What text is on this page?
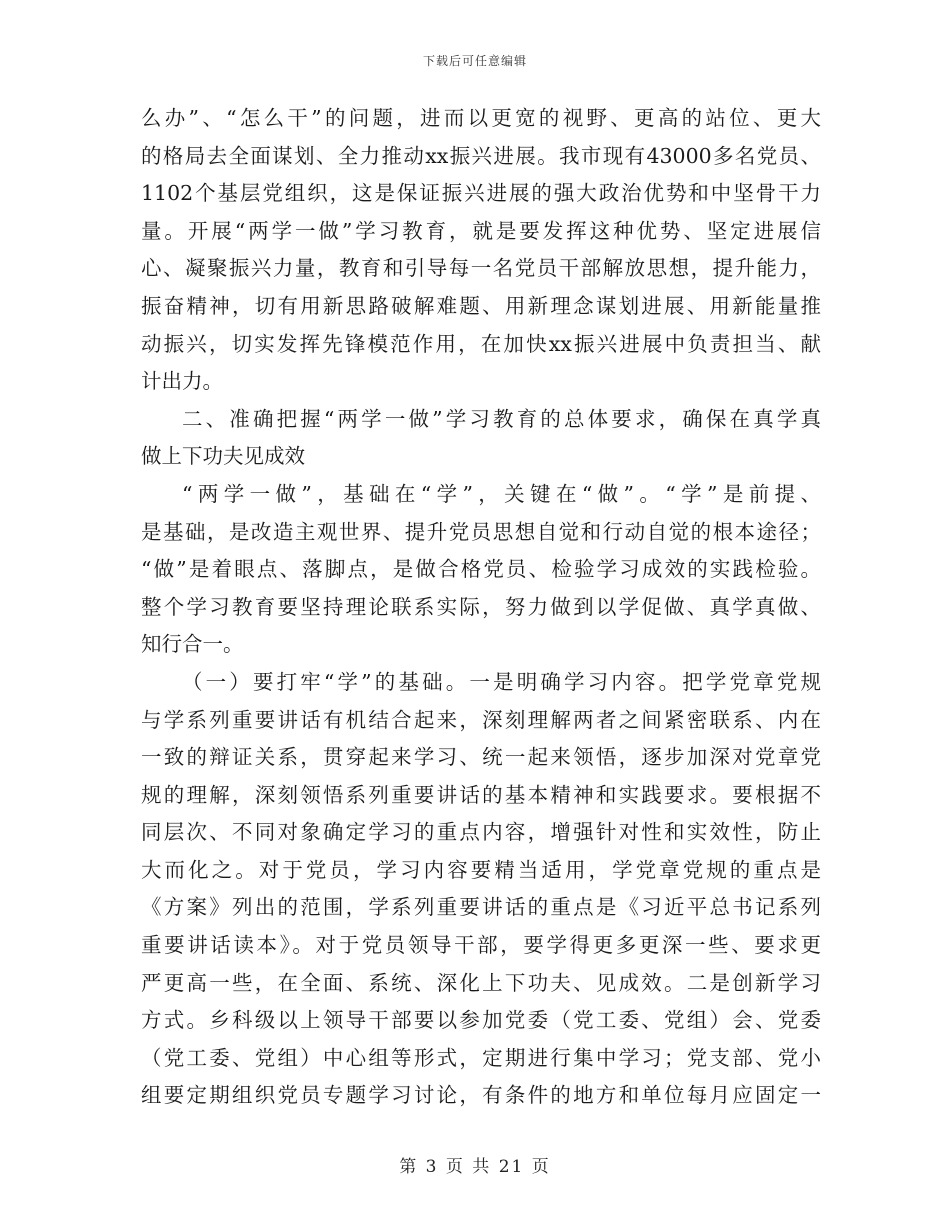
下载后可任意编辑
么办”、“怎么干”的问题，进而以更宽的视野、更高的站位、更大
的格局去全面谋划、全力推动xx振兴进展。我市现有43000多名党员、
1102个基层党组织，这是保证振兴进展的强大政治优势和中坚骨干力
量。开展“两学一做”学习教育，就是要发挥这种优势、坚定进展信
心、凝聚振兴力量，教育和引导每一名党员干部解放思想，提升能力，
振奋精神，切有用新思路破解难题、用新理念谋划进展、用新能量推
动振兴，切实发挥先锋模范作用，在加快xx振兴进展中负责担当、献
计出力。
二、准确把握“两学一做”学习教育的总体要求，确保在真学真
做上下功夫见成效
“两学一做”，基础在“学”，关键在“做”。“学”是前提、
是基础，是改造主观世界、提升党员思想自觉和行动自觉的根本途径；
“做”是着眼点、落脚点，是做合格党员、检验学习成效的实践检验。
整个学习教育要坚持理论联系实际，努力做到以学促做、真学真做、
知行合一。
（一）要打牢“学”的基础。一是明确学习内容。把学党章党规
与学系列重要讲话有机结合起来，深刻理解两者之间紧密联系、内在
一致的辩证关系，贯穿起来学习、统一起来领悟，逐步加深对党章党
规的理解，深刻领悟系列重要讲话的基本精神和实践要求。要根据不
同层次、不同对象确定学习的重点内容，增强针对性和实效性，防止
大而化之。对于党员，学习内容要精当适用，学党章党规的重点是
《方案》列出的范围，学系列重要讲话的重点是《习近平总书记系列
重要讲话读本》。对于党员领导干部，要学得更多更深一些、要求更
严更高一些，在全面、系统、深化上下功夫、见成效。二是创新学习
方式。乡科级以上领导干部要以参加党委（党工委、党组）会、党委
（党工委、党组）中心组等形式，定期进行集中学习；党支部、党小
组要定期组织党员专题学习讨论，有条件的地方和单位每月应固定一
第 3 页 共 21 页
